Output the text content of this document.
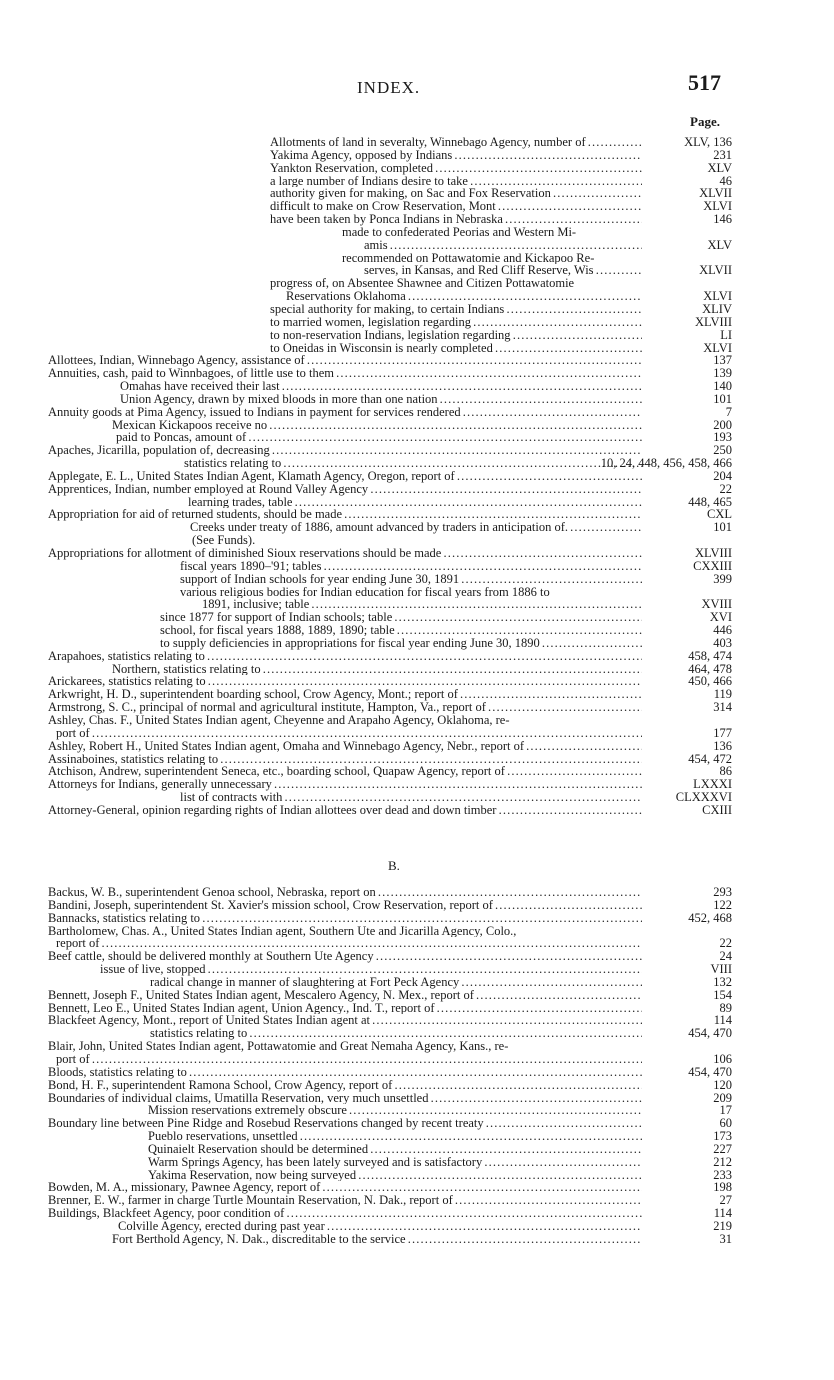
INDEX.	517
Page.
Allotments of land in severalty, Winnebago Agency, number of . . .	XLV, 136
Yakima Agency, opposed by Indians . . .	231
Yankton Reservation, completed . . .	XLV
a large number of Indians desire to take . . .	46
authority given for making, on Sac and Fox Reservation . . .	XLVII
difficult to make on Crow Reservation, Mont . . .	XLVI
have been taken by Ponca Indians in Nebraska . . .	146
made to confederated Peorias and Western Mi-
amis . . .	XLV
recommended on Pottawatomie and Kickapoo Re-
serves, in Kansas, and Red Cliff Reserve, Wis . . .	XLVII
progress of, on Absentee Shawnee and Citizen Pottawatomie
Reservations Oklahoma . . .	XLVI
special authority for making, to certain Indians . . .	XLIV
to married women, legislation regarding . . .	XLVIII
to non-reservation Indians, legislation regarding . . .	LI
to Oneidas in Wisconsin is nearly completed . . .	XLVI
Allottees, Indian, Winnebago Agency, assistance of . . .	137
Annuities, cash, paid to Winnbagoes, of little use to them . . .	139
Omahas have received their last . . .	140
Union Agency, drawn by mixed bloods in more than one nation . . .	101
Annuity goods at Pima Agency, issued to Indians in payment for services rendered . . .	7
Mexican Kickapoos receive no . . .	200
paid to Poncas, amount of . . .	193
Apaches, Jicarilla, population of, decreasing . . .	250
statistics relating to . . .	10, 24, 448, 456, 458, 466
Applegate, E. L., United States Indian Agent, Klamath Agency, Oregon, report of . . .	204
Apprentices, Indian, number employed at Round Valley Agency . . .	22
learning trades, table . . .	448, 465
Appropriation for aid of returned students, should be made . . .	CXL
Creeks under treaty of 1886, amount advanced by traders in anticipation of. . . .	101
(See Funds).
Appropriations for allotment of diminished Sioux reservations should be made . . .	XLVIII
fiscal years 1890–'91; tables . . .	CXXIII
support of Indian schools for year ending June 30, 1891 . . .	399
various religious bodies for Indian education for fiscal years from 1886 to
1891, inclusive; table . . .	XVIII
since 1877 for support of Indian schools; table . . .	XVI
school, for fiscal years 1888, 1889, 1890; table . . .	446
to supply deficiencies in appropriations for fiscal year ending June 30, 1890 . . .	403
Arapahoes, statistics relating to . . .	458, 474
Northern, statistics relating to . . .	464, 478
Arickarees, statistics relating to . . .	450, 466
Arkwright, H. D., superintendent boarding school, Crow Agency, Mont.; report of . . .	119
Armstrong, S. C., principal of normal and agricultural institute, Hampton, Va., report of . . .	314
Ashley, Chas. F., United States Indian agent, Cheyenne and Arapaho Agency, Oklahoma, re-
port of . . .	177
Ashley, Robert H., United States Indian agent, Omaha and Winnebago Agency, Nebr., report of . . .	136
Assinaboines, statistics relating to . . .	454, 472
Atchison, Andrew, superintendent Seneca, etc., boarding school, Quapaw Agency, report of . . .	86
Attorneys for Indians, generally unnecessary . . .	LXXXI
list of contracts with . . .	CLXXXVI
Attorney-General, opinion regarding rights of Indian allottees over dead and down timber . . .	CXIII
B.
Backus, W. B., superintendent Genoa school, Nebraska, report on . . .	293
Bandini, Joseph, superintendent St. Xavier's mission school, Crow Reservation, report of . . .	122
Bannacks, statistics relating to . . .	452, 468
Bartholomew, Chas. A., United States Indian agent, Southern Ute and Jicarilla Agency, Colo.,
report of . . .	22
Beef cattle, should be delivered monthly at Southern Ute Agency . . .	24
issue of live, stopped . . .	VIII
radical change in manner of slaughtering at Fort Peck Agency . . .	132
Bennett, Joseph F., United States Indian agent, Mescalero Agency, N. Mex., report of . . .	154
Bennett, Leo E., United States Indian agent, Union Agency., Ind. T., report of . . .	89
Blackfeet Agency, Mont., report of United States Indian agent at . . .	114
statistics relating to . . .	454, 470
Blair, John, United States Indian agent, Pottawatomie and Great Nemaha Agency, Kans., re-
port of . . .	106
Bloods, statistics relating to . . .	454, 470
Bond, H. F., superintendent Ramona School, Crow Agency, report of . . .	120
Boundaries of individual claims, Umatilla Reservation, very much unsettled . . .	209
Mission reservations extremely obscure . . .	17
Boundary line between Pine Ridge and Rosebud Reservations changed by recent treaty . . .	60
Pueblo reservations, unsettled . . .	173
Quinaielt Reservation should be determined . . .	227
Warm Springs Agency, has been lately surveyed and is satisfactory . . .	212
Yakima Reservation, now being surveyed . . .	233
Bowden, M. A., missionary, Pawnee Agency, report of . . .	198
Brenner, E. W., farmer in charge Turtle Mountain Reservation, N. Dak., report of . . .	27
Buildings, Blackfeet Agency, poor condition of . . .	114
Colville Agency, erected during past year . . .	219
Fort Berthold Agency, N. Dak., discreditable to the service . . .	31
